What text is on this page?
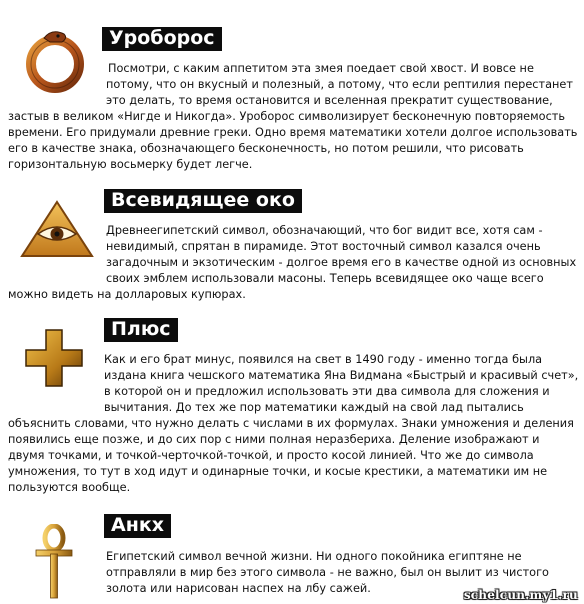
Уроборос
Посмотри, с каким аппетитом эта змея поедает свой хвост. И вовсе не
потому, что он вкусный и полезный, а потому, что если рептилия перестанет
это делать, то время остановится и вселенная прекратит существование,
застыв в великом «Нигде и Никогда». Уроборос символизирует бесконечную повторяемость
времени. Его придумали древние греки. Одно время математики хотели долгое использовать
его в качестве знака, обозначающего бесконечность, но потом решили, что рисовать
горизонтальную восьмерку будет легче.
Всевидящее око
Древнеегипетский символ, обозначающий, что бог видит все, хотя сам -
невидимый, спрятан в пирамиде. Этот восточный символ казался очень
загадочным и экзотическим - долгое время его в качестве одной из основных
своих эмблем использовали масоны. Теперь всевидящее око чаще всего
можно видеть на долларовых купюрах.
Плюс
Как и его брат минус, появился на свет в 1490 году - именно тогда была
издана книга чешского математика Яна Видмана «Быстрый и красивый счет»,
в которой он и предложил использовать эти два символа для сложения и
вычитания. До тех же пор математики каждый на свой лад пытались
объяснить словами, что нужно делать с числами в их формулах. Знаки умножения и деления
появились еще позже, и до сих пор с ними полная неразбериха. Деление изображают и
двумя точками, и точкой-черточкой-точкой, и просто косой линией. Что же до символа
умножения, то тут в ход идут и одинарные точки, и косые крестики, а математики им не
пользуются вообще.
Анкх
Египетский символ вечной жизни. Ни одного покойника египтяне не
отправляли в мир без этого символа - не важно, был он вылит из чистого
золота или нарисован наспех на лбу сажей.	schelcun.my1.ru
